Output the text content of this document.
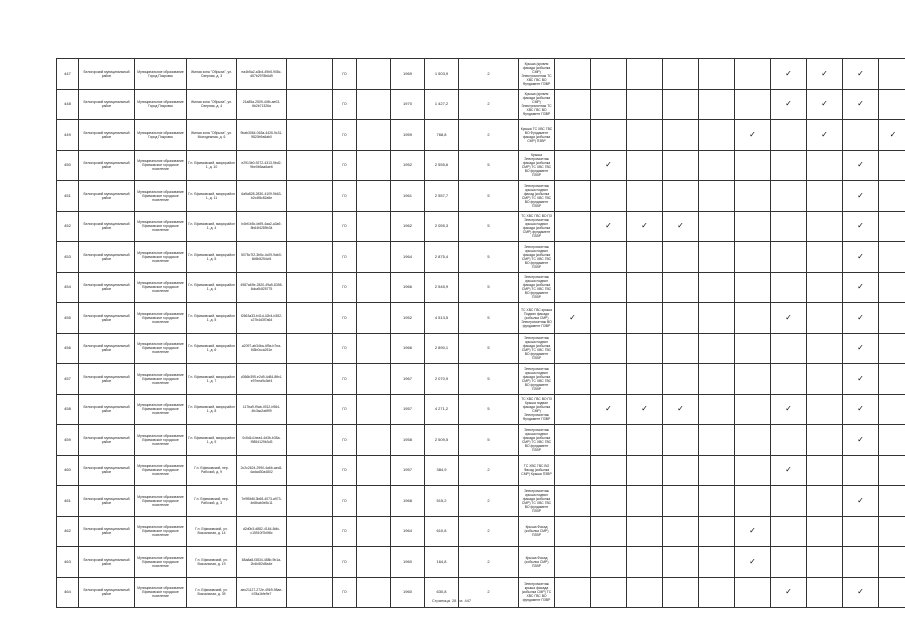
447	Белогорский муниципальный район	Муниципальное образование Город Покровск	Жилая зона "Обрыха", ул. Озерная, д. 3	ea4b5a2-a3b4-49b5-908c-d57b2978b6d9		ГО		1969	1 503,9	2	Крыша (кровля фасада (кобылка СМР) Электромонтаж ТС ХВС ГВС ВО Фундамент ПЗВР							✓	✓	✓		
448	Белогорский муниципальный район	Муниципальное образование Город Покровск	Жилая зона "Обрыха", ул. Озерная, д. 4	21a85a-2509-44fb-ae03-6b2b71326a		ГО		1970	1 427,2	2	Крыша (кровля фасада (кобылка СМР) Электромонтаж ТС ХВС ГВС ВО Фундамент ПЗВР							✓	✓	✓		
449	Белогорский муниципальный район	Муниципальное образование Город Покровск	Жилая зона "Обрыха", ул. Молодежная, д. 6	9bab3064-063a-4426-9c31-9820b9a6ab0		ГО		1959	768,8	2	Крыша ТС ХВС ГВС ВО Фундамент фасада (кобылка СМР) ПЗВР						✓		✓		✓	
450	Белогорский муниципальный район	Муниципальное образование Ефимовское городское поселение	Г.п. Ефимовский, микрорайон 1, д. 10	e2913b0-9272-4313-9bd2-9be0b5aa6ae6		ГО		1952	2 555,6	5	Крыша Электромонтаж фасада (кобылка СМР) ТС ХВС ГВС ВО фундамент ПЗВР		✓							✓		
451	Белогорский муниципальный район	Муниципальное образование Ефимовское городское поселение	Г.п. Ефимовский, микрорайон 1, д. 11	6a5a828-2830-4109-9b63-b2c4f8c82a5e		ГО		1961	2 557,7	5	Электромонтаж крыша подвал фасад (кобылка СМР) ТС ХВС ГВС ВО фундамент ПЗВР									✓		
452	Белогорский муниципальный район	Муниципальное образование Ефимовское городское поселение	Г.п. Ефимовский, микрорайон 1, д. 4	b4bf1b5c-fa99-4aa2-a3a9-8b64f4289b34		ГО		1962	2 055,3	5	ТС ХВС ГВС ВО ПЗ Электромонтаж крыша подвал фасада (кобылка СМР) фундамент ПЗВР		✓	✓	✓					✓		
453	Белогорский муниципальный район	Муниципальное образование Ефимовское городское поселение	Г.п. Ефимовский, микрорайон 1, д. 5	5075c7f2-3b5c-4c09-9ab0-6b5b5254cf4		ГО		1964	2 875,4	5	Электромонтаж крыша подвал фасада (кобылка СМР) ТС ХВС ГВС ВО фундамент ПЗВР									✓		
454	Белогорский муниципальный район	Муниципальное образование Ефимовское городское поселение	Г.п. Ефимовский, микрорайон 1, д. 4	4987a69e-2820-49a5-8398-6dca54f25775		ГО		1966	2 545,9	5	Электромонтаж крыша подвал фасада (кобылка СМР) ТС ХВС ГВС ВО фундамент ПЗВР									✓		
455	Белогорский муниципальный район	Муниципальное образование Ефимовское городское поселение	Г.п. Ефимовский, микрорайон 1, д. 5	f2663a33-b41d-42b4-b352-c27b4d3f7a64		ГО		1952	4 513,5	5	ТС ХВС ГВС крыша Подвал фасада (кобылка СМР) Электромонтаж ВО фундамент ПЗВР	✓						✓		✓		
456	Белогорский муниципальный район	Муниципальное образование Ефимовское городское поселение	Г.п. Ефимовский, микрорайон 1, д. 6	a2097-ab34ba-4f9a-b7ea-f45b0cca251e		ГО		1966	2 890,1	5	Электромонтаж крыша подвал фасада (кобылка СМР) ТС ХВС ГВС ВО фундамент ПЗВР									✓		
457	Белогорский муниципальный район	Муниципальное образование Ефимовское городское поселение	Г.п. Ефимовский, микрорайон 1, д. 7	d366b395-e2d9-4d84-8fb4-e97eea9c3ef4		ГО		1967	2 070,9	5	Электромонтаж крыша подвал фасада (кобылка СМР) ТС ХВС ГВС ВО фундамент ПЗВР									✓		
458	Белогорский муниципальный район	Муниципальное образование Ефимовское городское поселение	Г.п. Ефимовский, микрорайон 1, д. 8	117ba9-f9ab-4912-b984-4fc3ac2a6f99		ГО		1957	4 271,2	5	ТС ХВС ГВС ВО ПЗ Крыша подвал фасада (кобылка СМР) Электромонтаж Фундамент ПЗВР		✓	✓	✓			✓		✓		
459	Белогорский муниципальный район	Муниципальное образование Ефимовское городское поселение	Г.п. Ефимовский, микрорайон 1, д. 9	0c5d1d-bea4-4d3b-b35a-f9854129b3d3		ГО		1958	2 509,5	5	Электромонтаж крыша подвал фасада (кобылка СМР) ТС ХВС ГВС ВО фундамент ПЗВР									✓		
460	Белогорский муниципальный район	Муниципальное образование Ефимовское городское поселение	Г.п. Ефимовский, пер. Рабочий, д. 9	2c2c2624-2990-4a6b-aec8-4adad30a4802		ГО		1957	384,9	2	ТС ХВС ГВС ВО Фасад (кобылка СМР) Крыша ПЗВР							✓				
461	Белогорский муниципальный район	Муниципальное образование Ефимовское городское поселение	Г.п. Ефимовский, пер. Рабочий, д. 3	7e9f5b6f-3b68-4073-a973-4e8bab0e5c11		ГО		1968	515,2	2	Электромонтаж крыша подвал фасада (кобылка СМР) ТС ХВС ГВС ВО фундамент ПЗВР									✓		
462	Белогорский муниципальный район	Муниципальное образование Ефимовское городское поселение	Г.п. Ефимовский, ул. Вокзальная, д. 14	d2d0b3-d882-4164-8dfc-c15910f7b0f8c		ГО		1964	610,8	2	Крыша Фасад (кобылка СМР) ПЗВР						✓					
463	Белогорский муниципальный район	Муниципальное образование Ефимовское городское поселение	Г.п. Ефимовский, ул. Вокзальная, д. 19	68a8a8-f3834-458b-9b1a-2b4b5f2d5a4e		ГО		1960	164,8	2	Крыша Фасад (кобылка СМР) ПЗВР						✓					
464	Белогорский муниципальный район	Муниципальное образование Ефимовское городское поселение	Г.п. Ефимовский, ул. Вокзальная, д. 39	aec21127-272e-4969-98ae-b78a1bfe9e7		ГО		1960	630,8	2	Электромонтаж крыша фасада (кобылка СМР) ТС ХВС ГВС ВО фундамент ПЗВР							✓		✓		
Страница 28 из 447
